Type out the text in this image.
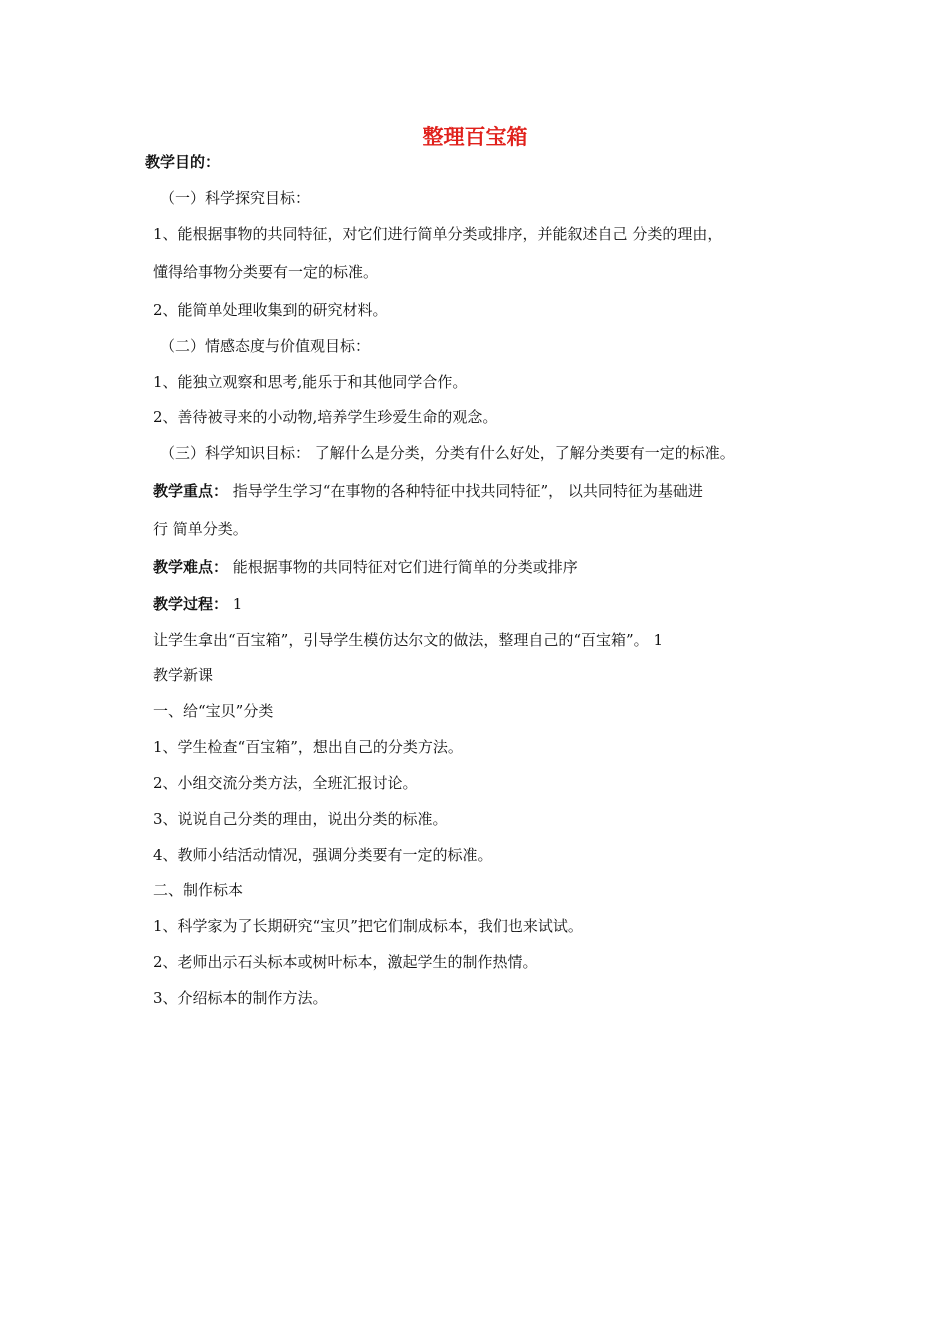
整理百宝箱
教学目的：
（一）科学探究目标：
1、能根据事物的共同特征，对它们进行简单分类或排序，并能叙述自己 分类的理由，
懂得给事物分类要有一定的标准。
2、能简单处理收集到的研究材料。
（二）情感态度与价值观目标：
1、能独立观察和思考,能乐于和其他同学合作。
2、善待被寻来的小动物,培养学生珍爱生命的观念。
（三）科学知识目标： 了解什么是分类，分类有什么好处，了解分类要有一定的标准。
教学重点： 指导学生学习“在事物的各种特征中找共同特征”， 以共同特征为基础进
行 简单分类。
教学难点： 能根据事物的共同特征对它们进行简单的分类或排序
教学过程： 1
让学生拿出“百宝箱”，引导学生模仿达尔文的做法，整理自己的“百宝箱”。 1
教学新课
一、给“宝贝”分类
1、学生检查“百宝箱”，想出自己的分类方法。
2、小组交流分类方法，全班汇报讨论。
3、说说自己分类的理由，说出分类的标准。
4、教师小结活动情况，强调分类要有一定的标准。
二、制作标本
1、科学家为了长期研究“宝贝”把它们制成标本，我们也来试试。
2、老师出示石头标本或树叶标本，激起学生的制作热情。
3、介绍标本的制作方法。
